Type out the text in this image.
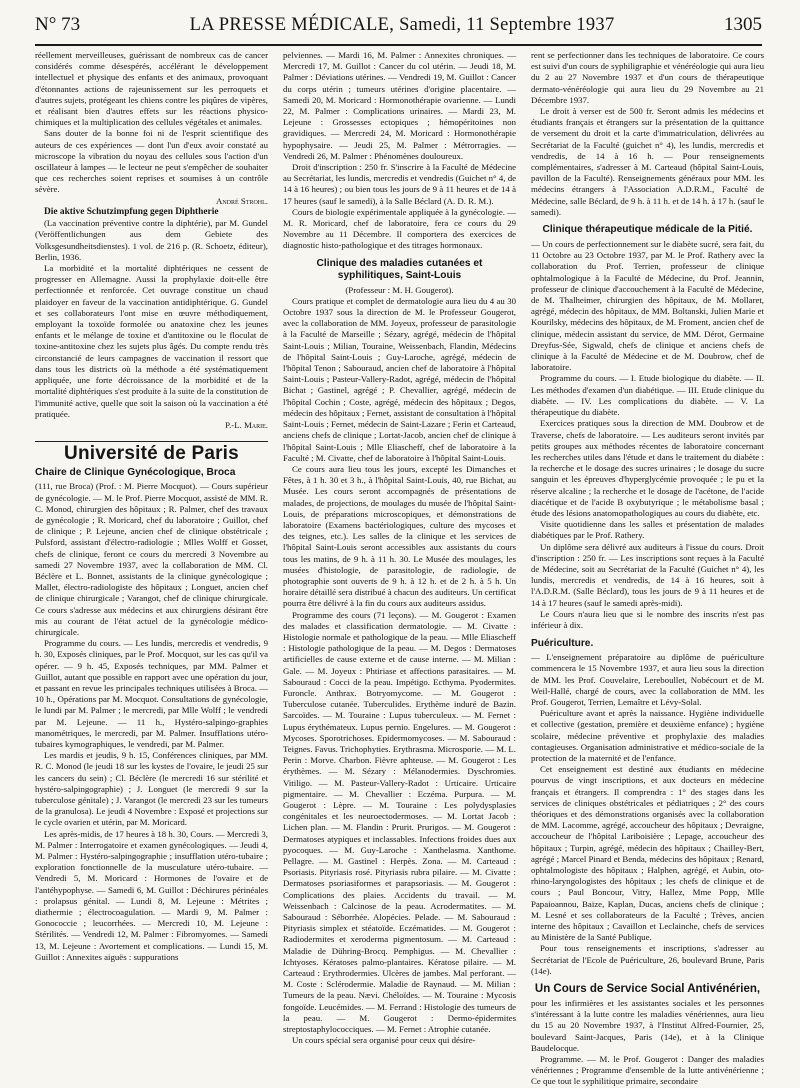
N° 73	LA PRESSE MÉDICALE, Samedi, 11 Septembre 1937	1305

réellement merveilleuses, guérissant de nombreux cas de cancer considérés comme désespérés, accélérant le développement intellectuel et physique des enfants et des animaux, provoquant d'étonnantes actions de rajeunissement sur les perroquets et d'autres sujets, protégeant les chiens contre les piqûres de vipères, et réalisant bien d'autres effets sur les réactions physico-chimiques et la multiplication des cellules végétales et animales.

Sans douter de la bonne foi ni de l'esprit scientifique des auteurs de ces expériences — dont l'un d'eux avoir constaté au microscope la vibration du noyau des cellules sous l'action d'un oscillateur à lampes — le lecteur ne peut s'empêcher de souhaiter que ces recherches soient reprises et soumises à un contrôle sévère.

André Strohl.

Die aktive Schutzimpfung gegen Diphtherie

(La vaccination préventive contre la diphtérie), par M. Gundel (Veröffentlichungen aus dem Gebiete des Volksgesundheitsdienstes). 1 vol. de 216 p. (R. Schoetz, éditeur), Berlin, 1936.

La morbidité et la mortalité diphtériques ne cessent de progresser en Allemagne. Aussi la prophylaxie doit-elle être perfectionnée et renforcée. Cet ouvrage constitue un chaud plaidoyer en faveur de la vaccination antidiphtérique. G. Gundel et ses collaborateurs l'ont mise en œuvre méthodiquement, employant la toxoïde formolée ou anatoxine chez les jeunes enfants et le mélange de toxine et d'antitoxine ou le floculat de toxine-antitoxine chez les sujets plus âgés. Du compte rendu très circonstancié de leurs campagnes de vaccination il ressort que dans tous les districts où la méthode a été systématiquement appliquée, une forte décroissance de la morbidité et de la mortalité diphtériques s'est produite à la suite de la constitution de l'immunité active, quelle que soit la saison où la vaccination a été pratiquée.

P.-L. Marie.

Université de Paris
Chaire de Clinique Gynécologique, Broca

(111, rue Broca) (Prof. : M. Pierre Mocquot). — Cours supérieur de gynécologie. — M. le Prof. Pierre Mocquot, assisté de MM. R. C. Monod, chirurgien des hôpitaux ; R. Palmer, chef des travaux de gynécologie ; R. Moricard, chef du laboratoire ; Guillot, chef de clinique ; P. Lejeune, ancien chef de clinique obstétricale ; Pulsford, assistant d'électro-radiologie ; Mlles Wolff et Gosset, chefs de clinique, feront ce cours du mercredi 3 Novembre au samedi 27 Novembre 1937, avec la collaboration de MM. Cl. Béclère et L. Bonnet, assistants de la clinique gynécologique ; Mallet, électro-radiologiste des hôpitaux ; Longuet, ancien chef de clinique chirurgicale ; Varangot, chef de clinique chirurgicale. Ce cours s'adresse aux médecins et aux chirurgiens désirant être mis au courant de l'état actuel de la gynécologie médico-chirurgicale.

Programme du cours. — Les lundis, mercredis et vendredis, 9 h. 30, Exposés cliniques, par le Prof. Mocquot, sur les cas qu'il va opérer. — 9 h. 45, Exposés techniques, par MM. Palmer et Guillot, autant que possible en rapport avec une opération du jour, et passant en revue les principales techniques utilisées à Broca. — 10 h., Opérations par M. Mocquot. Consultations de gynécologie, le lundi par M. Palmer ; le mercredi, par Mlle Wolff ; le vendredi par M. Lejeune. — 11 h., Hystéro-salpingo-graphies manométriques, le mercredi, par M. Palmer. Insufflations utéro-tubaires kymographiques, le vendredi, par M. Palmer.

Les mardis et jeudis, 9 h. 15, Conférences cliniques, par MM. R. C. Monod (le jeudi 18 sur les kystes de l'ovaire, le jeudi 25 sur les cancers du sein) ; Cl. Béclère (le mercredi 16 sur stérilité et hystéro-salpingographie) ; J. Longuet (le mercredi 9 sur la tuberculose génitale) ; J. Varangot (le mercredi 23 sur les tumeurs de la granulosa). Le jeudi 4 Novembre : Exposé et projections sur le cycle ovarien et utérin, par M. Moricard.

Les après-midis, de 17 heures à 18 h. 30, Cours. — Mercredi 3, M. Palmer : Interrogatoire et examen gynécologiques. — Jeudi 4, M. Palmer : Hystéro-salpingographie ; insufflation utéro-tubaire ; exploration fonctionnelle de la musculature utéro-tubaire. — Vendredi 5, M. Moricard : Hormones de l'ovaire et de l'antéhypophyse. — Samedi 6, M. Guillot : Déchirures périnéales : prolapsus génital. — Lundi 8, M. Lejeune : Métrites ; diathermie ; électrocoagulation. — Mardi 9, M. Palmer : Gonococcie ; leucorrhées. — Mercredi 10, M. Lejeune : Stérilités. — Vendredi 12, M. Palmer : Fibromyomes. — Samedi 13, M. Lejeune : Avortement et complications. — Lundi 15, M. Guillot : Annexites aiguës : suppurations

pelviennes. — Mardi 16, M. Palmer : Annexites chroniques. — Mercredi 17, M. Guillot : Cancer du col utérin. — Jeudi 18, M. Palmer : Déviations utérines. — Vendredi 19, M. Guillot : Cancer du corps utérin ; tumeurs utérines d'origine placentaire. — Samedi 20, M. Moricard : Hormonothérapie ovarienne. — Lundi 22, M. Palmer : Complications urinaires. — Mardi 23, M. Lejeune : Grossesses ectopiques ; hémopéritoines non gravidiques. — Mercredi 24, M. Moricard : Hormonothérapie hypophysaire. — Jeudi 25, M. Palmer : Métrorragies. — Vendredi 26, M. Palmer : Phénomènes douloureux.

Droit d'inscription : 250 fr. S'inscrire à la Faculté de Médecine au Secrétariat, les lundis, mercredis et vendredis (Guichet n° 4, de 14 à 16 heures) ; ou bien tous les jours de 9 à 11 heures et de 14 à 17 heures (sauf le samedi), à la Salle Béclard (A. D. R. M.).

Cours de biologie expérimentale appliquée à la gynécologie. — M. R. Moricard, chef de laboratoire, fera ce cours du 29 Novembre au 11 Décembre. Il comportera des exercices de diagnostic histo-pathologique et des titrages hormonaux.

Clinique des maladies cutanées et syphilitiques, Saint-Louis

(Professeur : M. H. Gougerot).

Cours pratique et complet de dermatologie aura lieu du 4 au 30 Octobre 1937 sous la direction de M. le Professeur Gougerot, avec la collaboration de MM. Joyeux, professeur de parasitologie à la Faculté de Marseille ; Sézary, agrégé, médecin de l'hôpital Saint-Louis ; Milian, Touraine, Weissenbach, Flandin, Médecins de l'hôpital Saint-Louis ; Guy-Laroche, agrégé, médecin de l'hôpital Tenon ; Sabouraud, ancien chef de laboratoire à l'hôpital Saint-Louis ; Pasteur-Vallery-Radot, agrégé, médecin de l'hôpital Bichat ; Gastinel, agrégé ; P. Chevallier, agrégé, médecin de l'hôpital Cochin ; Coste, agrégé, médecin des hôpitaux ; Degos, médecin des hôpitaux ; Fernet, assistant de consultation à l'hôpital Saint-Louis ; Fernet, médecin de Saint-Lazare ; Ferin et Carteaud, anciens chefs de clinique ; Lortat-Jacob, ancien chef de clinique à l'hôpital Saint-Louis ; Mlle Eliascheff, chef de laboratoire à la Faculté ; M. Civatte, chef de laboratoire à l'hôpital Saint-Louis.

Ce cours aura lieu tous les jours, excepté les Dimanches et Fêtes, à 1 h. 30 et 3 h., à l'hôpital Saint-Louis, 40, rue Bichat, au Musée. Les cours seront accompagnés de présentations de malades, de projections, de moulages du musée de l'hôpital Saint-Louis, de préparations microscopiques, et démonstrations de laboratoire (Examens bactériologiques, culture des mycoses et des teignes, etc.). Les salles de la clinique et les services de l'hôpital Saint-Louis seront accessibles aux assistants du cours tous les matins, de 9 h. à 11 h. 30. Le Musée des moulages, les musées d'histologie, de parasitologie, de radiologie, de photographie sont ouverts de 9 h. à 12 h. et de 2 h. à 5 h. Un horaire détaillé sera distribué à chacun des auditeurs. Un certificat pourra être délivré à la fin du cours aux auditeurs assidus.

Programme des cours (71 leçons). — M. Gougerot : Examen des malades et classification dermatologie. — M. Civatte : Histologie normale et pathologique de la peau. — Mlle Eliascheff : Histologie pathologique de la peau. — M. Degos : Dermatoses artificielles de cause externe et de cause interne. — M. Milian : Gale. — M. Joyeux : Phtiriase et affections parasitaires. — M. Sabouraud : Cocci de la peau. Impétigo. Ecthyma. Pyodermites. Furoncle. Anthrax. Botryomycome. — M. Gougerot : Tuberculose cutanée. Tuberculides. Erythème induré de Bazin. Sarcoïdes. — M. Touraine : Lupus tuberculeux. — M. Fernet : Lupus érythémateux. Lupus pernio. Engelures. — M. Gougerot : Mycoses. Sporotrichoses. Epidermomycoses. — M. Sabouraud : Teignes. Favus. Trichophyties. Erythrasma. Microsporie. — M. L. Perin : Morve. Charbon. Fièvre aphteuse. — M. Gougerot : Les érythèmes. — M. Sézary : Mélanodermies. Dyschromies. Vitiligo. — M. Pasteur-Vallery-Radot : Urticaire. Urticaire pigmentaire. — M. Chevallier : Eczéma. Purpura. — M. Gougerot : Lèpre. — M. Touraine : Les polydysplasies congénitales et les neuroectodermoses. — M. Lortat Jacob : Lichen plan. — M. Flandin : Prurit. Prurigos. — M. Gougerot : Dermatoses atypiques et inclassables. Infections froides dues aux pyocoques. — M. Guy-Laroche : Xanthelasma. Xanthome. Pellagre. — M. Gastinel : Herpès. Zona. — M. Carteaud : Psoriasis. Pityriasis rosé. Pityriasis rubra pilaire. — M. Civatte : Dermatoses psoriasiformes et parapsoriasis. — M. Gougerot : Complications des plaies. Accidents du travail. — M. Weissenbach : Calcinose de la peau. Acrodermatites. — M. Sabouraud : Séborrhée. Alopécies. Pelade. — M. Sabouraud : Pityriasis simplex et stéatoïde. Eczématides. — M. Gougerot : Radiodermites et xeroderma pigmentosum. — M. Carteaud : Maladie de Dühring-Brocq. Pemphigus. — M. Chevallier : Ichtyoses. Kératoses palmo-plantaires. Kératose pilaire. — M. Carteaud : Erythrodermies. Ulcères de jambes. Mal perforant. — M. Coste : Sclérodermie. Maladie de Raynaud. — M. Milian : Tumeurs de la peau. Nævi. Chéloïdes. — M. Touraine : Mycosis fongoïde. Leucémides. — M. Ferrand : Histologie des tumeurs de la peau. — M. Gougerot : Dermo-épidermites streptostaphylococciques. — M. Fernet : Atrophie cutanée.

Un cours spécial sera organisé pour ceux qui désire-

rent se perfectionner dans les techniques de laboratoire. Ce cours est suivi d'un cours de syphiligraphie et vénéréologie qui aura lieu du 2 au 27 Novembre 1937 et d'un cours de thérapeutique dermato-vénéréologie qui aura lieu du 29 Novembre au 21 Décembre 1937.

Le droit à verser est de 500 fr. Seront admis les médecins et étudiants français et étrangers sur la présentation de la quittance de versement du droit et la carte d'immatriculation, délivrées au Secrétariat de la Faculté (guichet n° 4), les lundis, mercredis et vendredis, de 14 à 16 h. — Pour renseignements complémentaires, s'adresser à M. Carteaud (hôpital Saint-Louis, pavillon de la Faculté). Renseignements généraux pour MM. les médecins étrangers à l'Association A.D.R.M., Faculté de Médecine, salle Béclard, de 9 h. à 11 h. et de 14 h. à 17 h. (sauf le samedi).

Clinique thérapeutique médicale de la Pitié.

— Un cours de perfectionnement sur le diabète sucré, sera fait, du 11 Octobre au 23 Octobre 1937, par M. le Prof. Rathery avec la collaboration du Prof. Terrien, professeur de clinique ophtalmologique à la Faculté de Médecine, du Prof. Jeannin, professeur de clinique d'accouchement à la Faculté de Médecine, de M. Thalheimer, chirurgien des hôpitaux, de M. Mollaret, agrégé, médecin des hôpitaux, de MM. Boltanski, Julien Marie et Kourilsky, médecins des hôpitaux, de M. Froment, ancien chef de clinique, médecin assistant du service, de MM. Dérot, Germaine Dreyfus-Sée, Sigwald, chefs de clinique et anciens chefs de clinique à la Faculté de Médecine et de M. Doubrow, chef de laboratoire.

Programme du cours. — I. Etude biologique du diabète. — II. Les méthodes d'examen d'un diabétique. — III. Etude clinique du diabète. — IV. Les complications du diabète. — V. La thérapeutique du diabète.

Exercices pratiques sous la direction de MM. Doubrow et de Traverse, chefs de laboratoire. — Les auditeurs seront invités par petits groupes aux méthodes récentes de laboratoire concernant les recherches utiles dans l'étude et dans le traitement du diabète : la recherche et le dosage des sucres urinaires ; le dosage du sucre sanguin et les épreuves d'hyperglycémie provoquée ; le pu et la réserve alcaline ; la recherche et le dosage de l'acétone, de l'acide diacétique et de l'acide B oxybutyrique ; le métabolisme basal ; étude des lésions anatomopathologiques au cours du diabète, etc.

Visite quotidienne dans les salles et présentation de malades diabétiques par le Prof. Rathery.

Un diplôme sera délivré aux auditeurs à l'issue du cours. Droit d'inscription : 250 fr. — Les inscriptions sont reçues à la Faculté de Médecine, soit au Secrétariat de la Faculté (Guichet n° 4), les lundis, mercredis et vendredis, de 14 à 16 heures, soit à l'A.D.R.M. (Salle Béclard), tous les jours de 9 à 11 heures et de 14 à 17 heures (sauf le samedi après-midi).

Le Cours n'aura lieu que si le nombre des inscrits n'est pas inférieur à dix.

Puériculture.

— L'enseignement préparatoire au diplôme de puériculture commencera le 15 Novembre 1937, et aura lieu sous la direction de MM. les Prof. Couvelaire, Lereboullet, Nobécourt et de M. Weil-Hallé, chargé de cours, avec la collaboration de MM. les Prof. Gougerot, Terrien, Lemaître et Lévy-Solal.

Puériculture avant et après la naissance. Hygiène individuelle et collective (gestation, première et deuxième enfance) ; hygiène scolaire, médecine préventive et prophylaxie des maladies contagieuses. Organisation administrative et médico-sociale de la protection de la maternité et de l'enfance.

Cet enseignement est destiné aux étudiants en médecine pourvus de vingt inscriptions, et aux docteurs en médecine français et étrangers. Il comprendra : 1° des stages dans les services de cliniques obstétricales et pédiatriques ; 2° des cours théoriques et des démonstrations organisés avec la collaboration de MM. Lacomme, agrégé, accoucheur des hôpitaux ; Devraigne, accoucheur de l'hôpital Lariboisière ; Lepage, accoucheur des hôpitaux ; Turpin, agrégé, médecin des hôpitaux ; Chailley-Bert, agrégé ; Marcel Pinard et Benda, médecins des hôpitaux ; Renard, ophtalmologiste des hôpitaux ; Halphen, agrégé, et Aubin, oto-rhino-laryngologistes des hôpitaux ; les chefs de clinique et de cours ; Paul Boncour, Vitry, Hallez, Mme Popp, Mlle Papaioannou, Baize, Kaplan, Ducas, anciens chefs de clinique ; M. Lesné et ses collaborateurs de la Faculté ; Trèves, ancien interne des hôpitaux ; Cavaillon et Leclainche, chefs de services au Ministère de la Santé Publique.

Pour tous renseignements et inscriptions, s'adresser au Secrétariat de l'Ecole de Puériculture, 26, boulevard Brune, Paris (14e).

Un Cours de Service Social Antivénérien,

pour les infirmières et les assistantes sociales et les personnes s'intéressant à la lutte contre les maladies vénériennes, aura lieu du 15 au 20 Novembre 1937, à l'Institut Alfred-Fournier, 25, boulevard Saint-Jacques, Paris (14e), et à la Clinique Baudelocque.

Programme. — M. le Prof. Gougerot : Danger des maladies vénériennes ; Programme d'ensemble de la lutte antivénérienne ; Ce que tout le syphilitique primaire, secondaire
